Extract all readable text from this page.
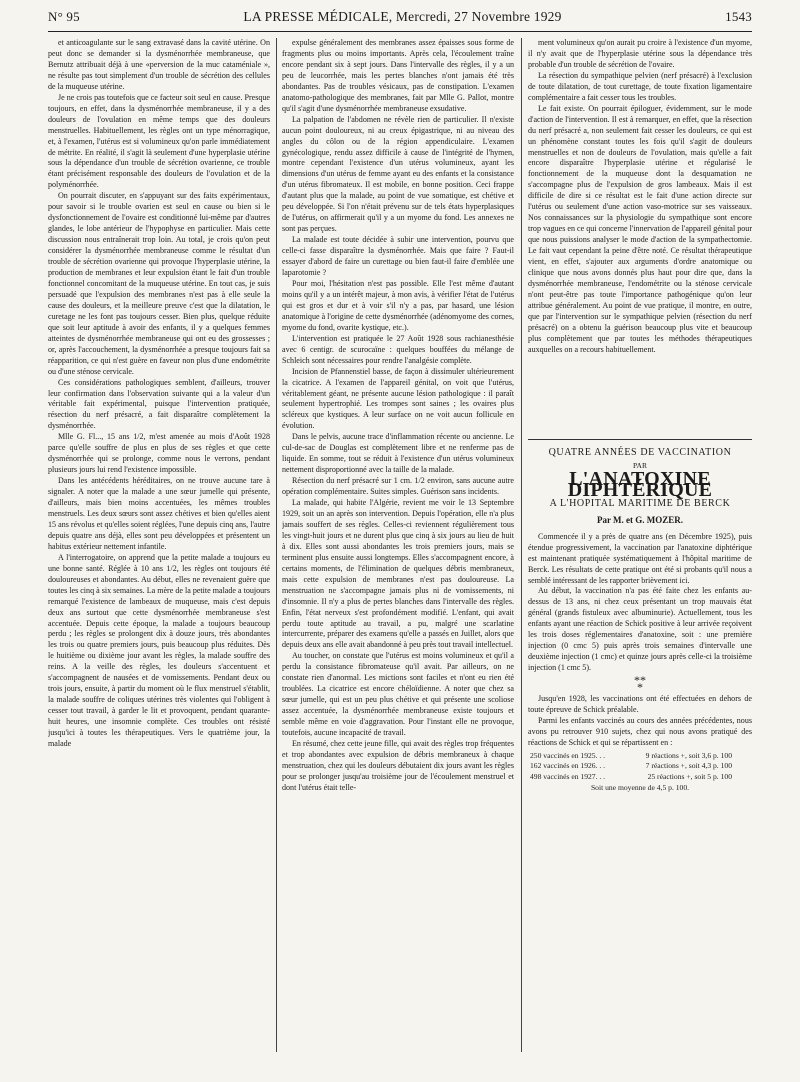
N° 95	LA PRESSE MÉDICALE, Mercredi, 27 Novembre 1929	1543

et anticoagulante sur le sang extravasé dans la cavité utérine. On peut donc se demander si la dysménorrhée membraneuse, que Bernutz attribuait déjà à une «perversion de la muc cataméniale », ne résulte pas tout simplement d'un trouble de sécrétion des cellules de la muqueuse utérine.

Je ne crois pas toutefois que ce facteur soit seul en cause. Presque toujours, en effet, dans la dysménorrhée membraneuse, il y a des douleurs de l'ovulation en même temps que des douleurs menstruelles. Habituellement, les règles ont un type ménorragique, et, à l'examen, l'utérus est si volumineux qu'on parle immédiatement de métrite. En réalité, il s'agit là seulement d'une hyperplasie utérine sous la dépendance d'un trouble de sécrétion ovarienne, ce trouble étant précisément responsable des douleurs de l'ovulation et de la polyménorrhée.

On pourrait discuter, en s'appuyant sur des faits expérimentaux, pour savoir si le trouble ovarien est seul en cause ou bien si le dysfonctionnement de l'ovaire est conditionné lui-même par d'autres glandes, le lobe antérieur de l'hypophyse en particulier. Mais cette discussion nous entraînerait trop loin. Au total, je crois qu'on peut considérer la dysménorrhée membraneuse comme le résultat d'un trouble de sécrétion ovarienne qui provoque l'hyperplasie utérine, la production de membranes et leur expulsion étant le fait d'un trouble fonctionnel concomitant de la muqueuse utérine. En tout cas, je suis persuadé que l'expulsion des membranes n'est pas à elle seule la cause des douleurs, et la meilleure preuve c'est que la dilatation, le curetage ne les font pas toujours cesser. Bien plus, quelque réduite que soit leur aptitude à avoir des enfants, il y a quelques femmes atteintes de dysménorrhée membraneuse qui ont eu des grossesses ; or, après l'accouchement, la dysménorrhée a presque toujours fait sa réapparition, ce qui n'est guère en faveur non plus d'une endométrite ou d'une sténose cervicale.

Ces considérations pathologiques semblent, d'ailleurs, trouver leur confirmation dans l'observation suivante qui a la valeur d'un véritable fait expérimental, puisque l'intervention pratiquée, résection du nerf présacré, a fait disparaître complètement la dysménorrhée.

Mlle G. Fl..., 15 ans 1/2, m'est amenée au mois d'Août 1928 parce qu'elle souffre de plus en plus de ses règles et que cette dysménorrhée qui se prolonge, comme nous le verrons, pendant plusieurs jours lui rend l'existence impossible.

Dans les antécédents héréditaires, on ne trouve aucune tare à signaler. A noter que la malade a une sœur jumelle qui présente, d'ailleurs, mais bien moins accentuées, les mêmes troubles menstruels. Les deux sœurs sont assez chétives et bien qu'elles aient 15 ans révolus et qu'elles soient réglées, l'une depuis cinq ans, l'autre depuis quatre ans déjà, elles sont peu développées et présentent un habitus extérieur nettement infantile.

A l'interrogatoire, on apprend que la petite malade a toujours eu une bonne santé. Réglée à 10 ans 1/2, les règles ont toujours été douloureuses et abondantes. Au début, elles ne revenaient guère que toutes les cinq à six semaines. La mère de la petite malade a toujours remarqué l'existence de lambeaux de muqueuse, mais c'est depuis deux ans surtout que cette dysménorrhée membraneuse s'est accentuée. Depuis cette époque, la malade a toujours beaucoup perdu ; les règles se prolongent dix à douze jours, très abondantes les trois ou quatre premiers jours, puis beaucoup plus réduites. Dès le huitième ou dixième jour avant les règles, la malade souffre des reins. A la veille des règles, les douleurs s'accentuent et s'accompagnent de nausées et de vomissements. Pendant deux ou trois jours, ensuite, à partir du moment où le flux menstruel s'établit, la malade souffre de coliques utérines très violentes qui l'obligent à cesser tout travail, à garder le lit et provoquent, pendant quarante-huit heures, une insomnie complète. Ces troubles ont résisté jusqu'ici à toutes les thérapeutiques. Vers le quatrième jour, la malade

expulse généralement des membranes assez épaisses sous forme de fragments plus ou moins importants. Après cela, l'écoulement traîne encore pendant six à sept jours. Dans l'intervalle des règles, il y a un peu de leucorrhée, mais les pertes blanches n'ont jamais été très abondantes. Pas de troubles vésicaux, pas de constipation. L'examen anatomo-pathologique des membranes, fait par Mlle G. Pallot, montre qu'il s'agit d'une dysménorrhée membraneuse exsudative.

La palpation de l'abdomen ne révèle rien de particulier. Il n'existe aucun point douloureux, ni au creux épigastrique, ni au niveau des angles du côlon ou de la région appendiculaire. L'examen gynécologique, rendu assez difficile à cause de l'intégrité de l'hymen, montre cependant l'existence d'un utérus volumineux, ayant les dimensions d'un utérus de femme ayant eu des enfants et la consistance d'un utérus fibromateux. Il est mobile, en bonne position. Ceci frappe d'autant plus que la malade, au point de vue somatique, est chétive et peu développée. Si l'on n'était prévenu sur de tels états hyperplasiques de l'utérus, on affirmerait qu'il y a un myome du fond. Les annexes ne sont pas perçues.

La malade est toute décidée à subir une intervention, pourvu que celle-ci fasse disparaître la dysménorrhée. Mais que faire ? Faut-il essayer d'abord de faire un curettage ou bien faut-il faire d'emblée une laparotomie ?

Pour moi, l'hésitation n'est pas possible. Elle l'est même d'autant moins qu'il y a un intérêt majeur, à mon avis, à vérifier l'état de l'utérus qui est gros et dur et à voir s'il n'y a pas, par hasard, une lésion anatomique à l'origine de cette dysménorrhée (adénomyome des cornes, myome du fond, ovarite kystique, etc.).

L'intervention est pratiquée le 27 Août 1928 sous rachianesthésie avec 6 centigr. de scurocaïne : quelques bouffées du mélange de Schleich sont nécessaires pour rendre l'analgésie complète.

Incision de Pfannenstiel basse, de façon à dissimuler ultérieurement la cicatrice. A l'examen de l'appareil génital, on voit que l'utérus, véritablement géant, ne présente aucune lésion pathologique : il paraît seulement hypertrophié. Les trompes sont saines ; les ovaires plus scléreux que kystiques. A leur surface on ne voit aucun follicule en évolution.

Dans le pelvis, aucune trace d'inflammation récente ou ancienne. Le cul-de-sac de Douglas est complètement libre et ne renferme pas de liquide. En somme, tout se réduit à l'existence d'un utérus volumineux nettement disproportionné avec la taille de la malade.

Résection du nerf présacré sur 1 cm. 1/2 environ, sans aucune autre opération complémentaire. Suites simples. Guérison sans incidents.

La malade, qui habite l'Algérie, revient me voir le 13 Septembre 1929, soit un an après son intervention. Depuis l'opération, elle n'a plus jamais souffert de ses règles. Celles-ci reviennent régulièrement tous les vingt-huit jours et ne durent plus que cinq à six jours au lieu de huit à dix. Elles sont aussi abondantes les trois premiers jours, mais se terminent plus ensuite aussi longtemps. Elles s'accompagnent encore, à certains moments, de l'élimination de quelques débris membraneux, mais cette expulsion de membranes n'est pas douloureuse. La menstruation ne s'accompagne jamais plus ni de vomissements, ni d'insomnie. Il n'y a plus de pertes blanches dans l'intervalle des règles. Enfin, l'état nerveux s'est profondément modifié. L'enfant, qui avait perdu toute aptitude au travail, a pu, malgré une scarlatine intercurrente, préparer des examens qu'elle a passés en Juillet, alors que depuis deux ans elle avait abandonné à peu près tout travail intellectuel.

Au toucher, on constate que l'utérus est moins volumineux et qu'il a perdu la consistance fibromateuse qu'il avait. Par ailleurs, on ne constate rien d'anormal. Les mictions sont faciles et n'ont eu rien été troublées. La cicatrice est encore chéloïdienne. A noter que chez sa sœur jumelle, qui est un peu plus chétive et qui présente une scoliose assez accentuée, la dysménorrhée membraneuse existe toujours et semble même en voie d'aggravation. Pour l'instant elle ne provoque, toutefois, aucune incapacité de travail.

En résumé, chez cette jeune fille, qui avait des règles trop fréquentes et trop abondantes avec expulsion de débris membraneux à chaque menstruation, chez qui les douleurs débutaient dix jours avant les règles pour se prolonger jusqu'au troisième jour de l'écoulement menstruel et dont l'utérus était telle-

ment volumineux qu'on aurait pu croire à l'existence d'un myome, il n'y avait que de l'hyperplasie utérine sous la dépendance très probable d'un trouble de sécrétion de l'ovaire.

La résection du sympathique pelvien (nerf présacré) à l'exclusion de toute dilatation, de tout curettage, de toute fixation ligamentaire complémentaire a fait cesser tous les troubles.

Le fait existe. On pourrait épiloguer, évidemment, sur le mode d'action de l'intervention. Il est à remarquer, en effet, que la résection du nerf présacré a, non seulement fait cesser les douleurs, ce qui est un phénomène constant toutes les fois qu'il s'agit de douleurs menstruelles et non de douleurs de l'ovulation, mais qu'elle a fait encore disparaître l'hyperplasie utérine et régularisé le fonctionnement de la muqueuse dont la desquamation ne s'accompagne plus de l'expulsion de gros lambeaux. Mais il est difficile de dire si ce résultat est le fait d'une action directe sur l'utérus ou seulement d'une action vaso-motrice sur ses vaisseaux. Nos connaissances sur la physiologie du sympathique sont encore trop vagues en ce qui concerne l'innervation de l'appareil génital pour que nous puissions analyser le mode d'action de la sympathectomie. Le fait vaut cependant la peine d'être noté. Ce résultat thérapeutique vient, en effet, s'ajouter aux arguments d'ordre anatomique ou clinique que nous avons donnés plus haut pour dire que, dans la dysménorrhée membraneuse, l'endométrite ou la sténose cervicale n'ont peut-être pas toute l'importance pathogénique qu'on leur attribue généralement. Au point de vue pratique, il montre, en outre, que par l'intervention sur le sympathique pelvien (résection du nerf présacré) on a obtenu la guérison beaucoup plus vite et beaucoup plus complètement que par toutes les méthodes thérapeutiques auxquelles on a recours habituellement.

QUATRE ANNÉES DE VACCINATION
PAR
L'ANATOXINE DIPHTÉRIQUE
A L'HOPITAL MARITIME DE BERCK
Par M. et G. MOZER.

Commencée il y a près de quatre ans (en Décembre 1925), puis étendue progressivement, la vaccination par l'anatoxine diphtérique est maintenant pratiquée systématiquement à l'hôpital maritime de Berck. Les résultats de cette pratique ont été si probants qu'il nous a semblé intéressant de les rapporter brièvement ici.

Au début, la vaccination n'a pas été faite chez les enfants au-dessus de 13 ans, ni chez ceux présentant un trop mauvais état général (grands fistuleux avec albuminurie). Actuellement, tous les enfants ayant une réaction de Schick positive à leur arrivée reçoivent les trois doses réglementaires d'anatoxine, soit : une première injection (0 cmc 5) puis après trois semaines d'intervalle une deuxième injection (1 cmc) et quinze jours après celle-ci la troisième injection (1 cmc 5).

**
*

Jusqu'en 1928, les vaccinations ont été effectuées en dehors de toute épreuve de Schick préalable.

Parmi les enfants vaccinés au cours des années précédentes, nous avons pu retrouver 910 sujets, chez qui nous avons pratiqué des réactions de Schick et qui se répartissent en :

250 vaccinés en 1925. . .	9 réactions +, soit 3,6 p. 100
162 vaccinés en 1926. . .	7 réactions +, soit 4,3 p. 100
498 vaccinés en 1927. . .	25 réactions +, soit 5 p. 100
Soit une moyenne de 4,5 p. 100.
